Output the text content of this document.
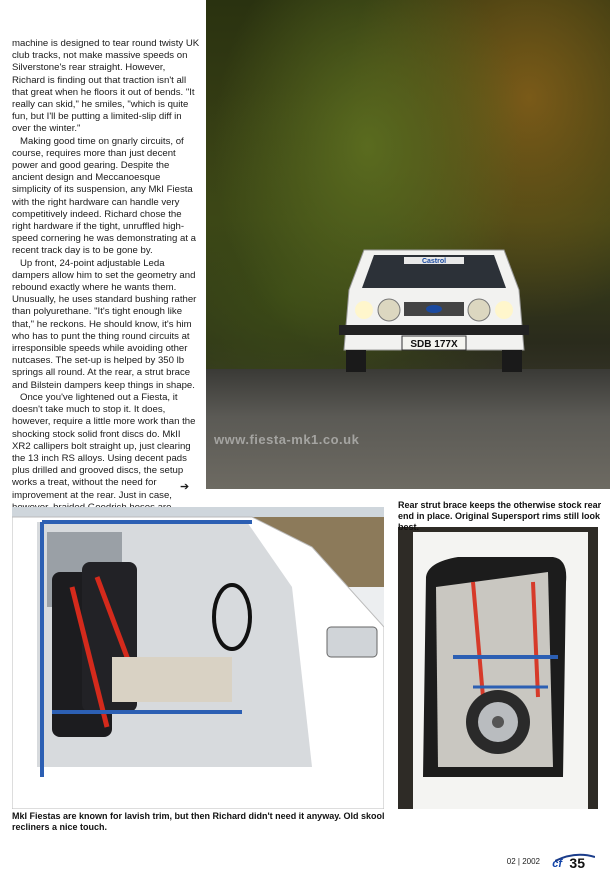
machine is designed to tear round twisty UK club tracks, not make massive speeds on Silverstone's rear straight. However, Richard is finding out that traction isn't all that great when he floors it out of bends. "It really can skid," he smiles, "which is quite fun, but I'll be putting a limited-slip diff in over the winter."

Making good time on gnarly circuits, of course, requires more than just decent power and good gearing. Despite the ancient design and Meccanoesque simplicity of its suspension, any MkI Fiesta with the right hardware can handle very competitively indeed. Richard chose the right hardware if the tight, unruffled high-speed cornering he was demonstrating at a recent track day is to be gone by.

Up front, 24-point adjustable Leda dampers allow him to set the geometry and rebound exactly where he wants them. Unusually, he uses standard bushing rather than polyurethane. "It's tight enough like that," he reckons. He should know, it's him who has to punt the thing round circuits at irresponsible speeds while avoiding other nutcases. The set-up is helped by 350 lb springs all round. At the rear, a strut brace and Bilstein dampers keep things in shape.

Once you've lightened out a Fiesta, it doesn't take much to stop it. It does, however, require a little more work than the shocking stock solid front discs do. MkII XR2 callipers bolt straight up, just clearing the 13 inch RS alloys. Using decent pads plus drilled and grooved discs, the setup works a treat, without the need for improvement at the rear. Just in case,

➔
Castrol
SDB 177X
www.fiesta-mk1.co.uk
Rear strut brace keeps the otherwise stock rear end in place. Original Supersport rims still look best.
MkI Fiestas are known for lavish trim, but then Richard didn't need it anyway. Old skool recliners a nice touch.
02 | 2002 cf 35
